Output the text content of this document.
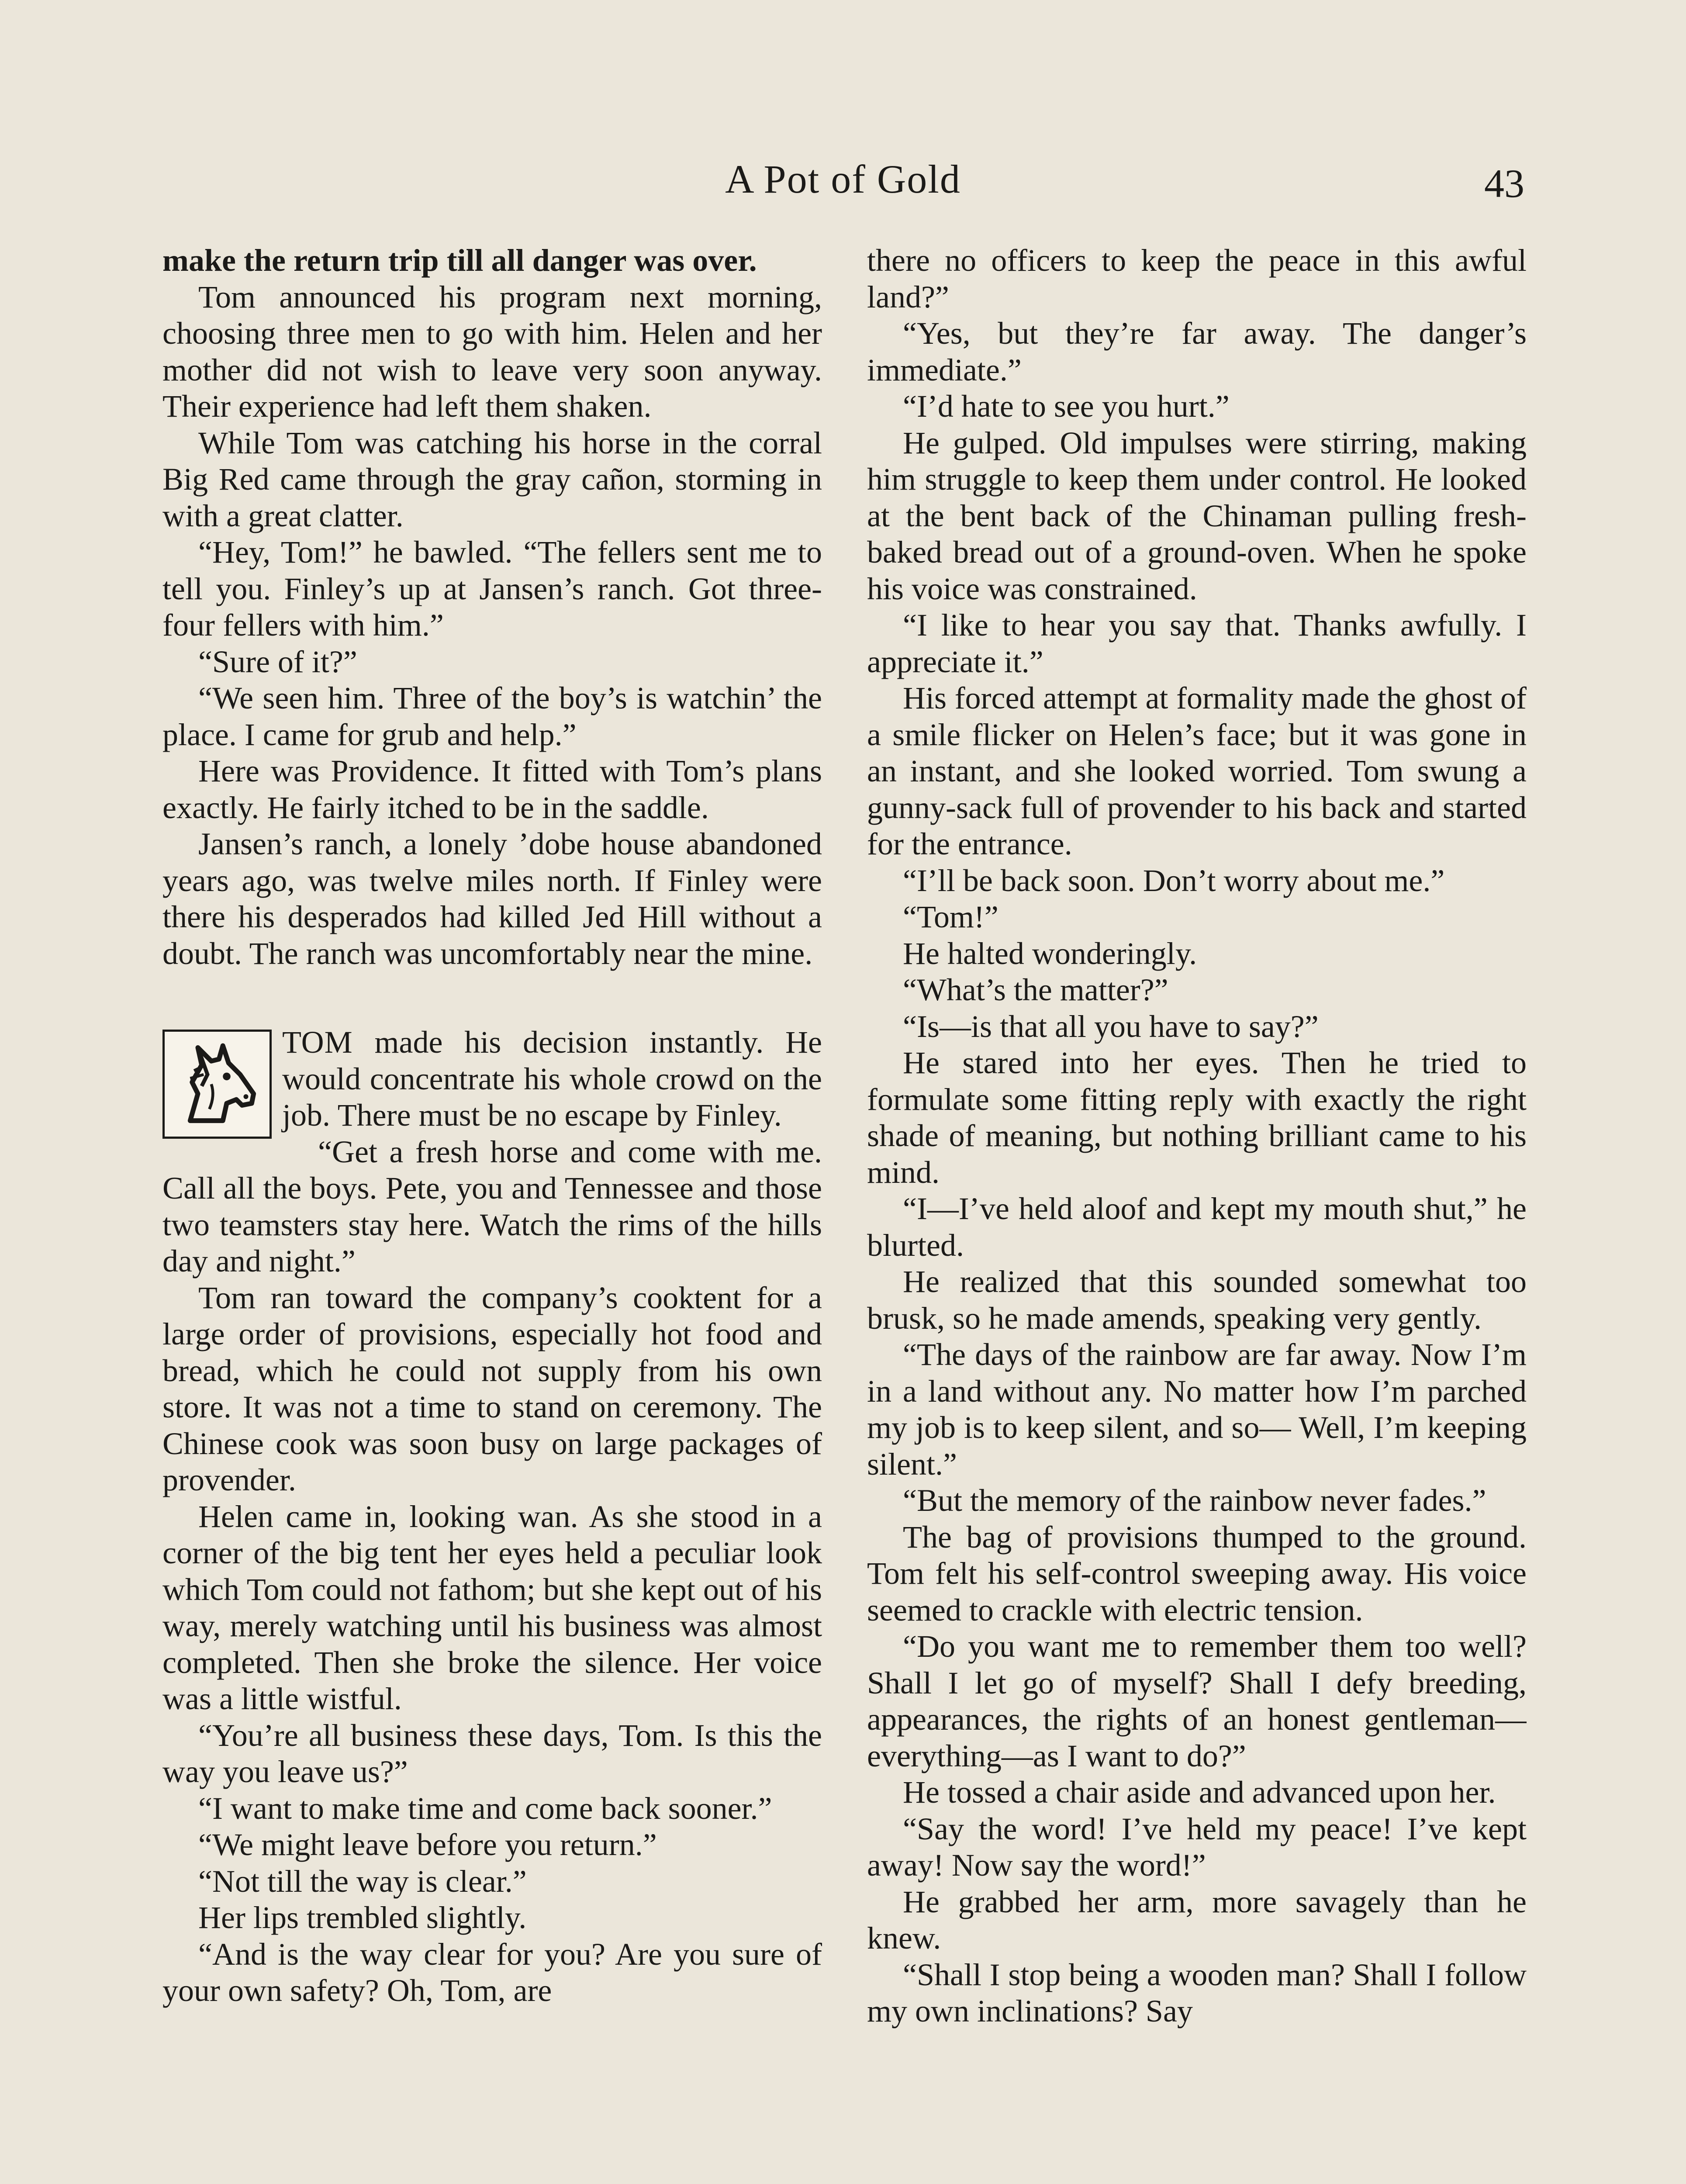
A Pot of Gold	43

make the return trip till all danger was over.

Tom announced his program next morning, choosing three men to go with him. Helen and her mother did not wish to leave very soon anyway. Their experience had left them shaken.

While Tom was catching his horse in the corral Big Red came through the gray cañon, storming in with a great clatter.

“Hey, Tom!” he bawled. “The fellers sent me to tell you. Finley’s up at Jansen’s ranch. Got three-four fellers with him.”

“Sure of it?”

“We seen him. Three of the boy’s is watchin’ the place. I came for grub and help.”

Here was Providence. It fitted with Tom’s plans exactly. He fairly itched to be in the saddle.

Jansen’s ranch, a lonely ’dobe house abandoned years ago, was twelve miles north. If Finley were there his desperados had killed Jed Hill without a doubt. The ranch was uncomfortably near the mine.

TOM made his decision instantly. He would concentrate his whole crowd on the job. There must be no escape by Finley.

“Get a fresh horse and come with me. Call all the boys. Pete, you and Tennessee and those two teamsters stay here. Watch the rims of the hills day and night.”

Tom ran toward the company’s cooktent for a large order of provisions, especially hot food and bread, which he could not supply from his own store. It was not a time to stand on ceremony. The Chinese cook was soon busy on large packages of provender.

Helen came in, looking wan. As she stood in a corner of the big tent her eyes held a peculiar look which Tom could not fathom; but she kept out of his way, merely watching until his business was almost completed. Then she broke the silence. Her voice was a little wistful.

“You’re all business these days, Tom. Is this the way you leave us?”

“I want to make time and come back sooner.”

“We might leave before you return.”

“Not till the way is clear.”

Her lips trembled slightly.

“And is the way clear for you? Are you sure of your own safety? Oh, Tom, are

there no officers to keep the peace in this awful land?”

“Yes, but they’re far away. The danger’s immediate.”

“I’d hate to see you hurt.”

He gulped. Old impulses were stirring, making him struggle to keep them under control. He looked at the bent back of the Chinaman pulling fresh-baked bread out of a ground-oven. When he spoke his voice was constrained.

“I like to hear you say that. Thanks awfully. I appreciate it.”

His forced attempt at formality made the ghost of a smile flicker on Helen’s face; but it was gone in an instant, and she looked worried. Tom swung a gunny-sack full of provender to his back and started for the entrance.

“I’ll be back soon. Don’t worry about me.”

“Tom!”

He halted wonderingly.

“What’s the matter?”

“Is—is that all you have to say?”

He stared into her eyes. Then he tried to formulate some fitting reply with exactly the right shade of meaning, but nothing brilliant came to his mind.

“I—I’ve held aloof and kept my mouth shut,” he blurted.

He realized that this sounded somewhat too brusk, so he made amends, speaking very gently.

“The days of the rainbow are far away. Now I’m in a land without any. No matter how I’m parched my job is to keep silent, and so— Well, I’m keeping silent.”

“But the memory of the rainbow never fades.”

The bag of provisions thumped to the ground. Tom felt his self-control sweeping away. His voice seemed to crackle with electric tension.

“Do you want me to remember them too well? Shall I let go of myself? Shall I defy breeding, appearances, the rights of an honest gentleman—everything—as I want to do?”

He tossed a chair aside and advanced upon her.

“Say the word! I’ve held my peace! I’ve kept away! Now say the word!”

He grabbed her arm, more savagely than he knew.

“Shall I stop being a wooden man? Shall I follow my own inclinations? Say
